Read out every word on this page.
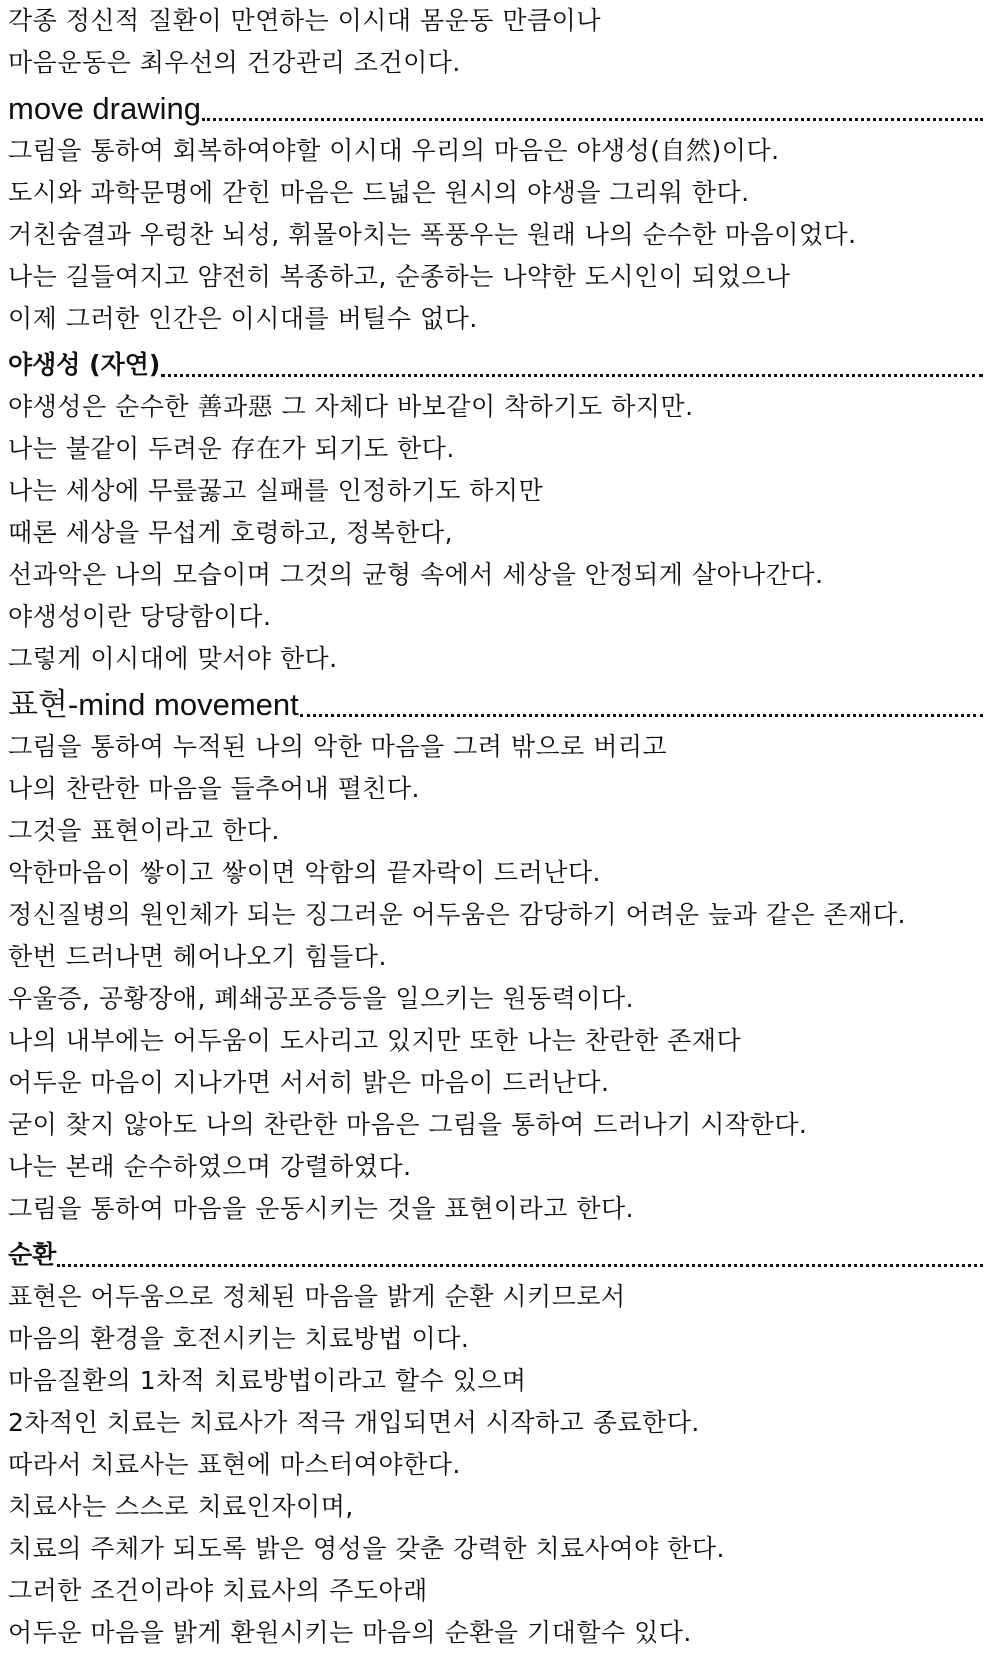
각종 정신적 질환이 만연하는 이시대 몸운동 만큼이나
마음운동은 최우선의 건강관리 조건이다.
move drawing
그림을 통하여 회복하여야할 이시대 우리의 마음은 야생성(自然)이다.
도시와 과학문명에 갇힌 마음은 드넓은 원시의 야생을 그리워 한다.
거친숨결과 우렁찬 뇌성, 휘몰아치는 폭풍우는 원래 나의 순수한 마음이었다.
나는 길들여지고 얌전히 복종하고, 순종하는 나약한 도시인이 되었으나
이제 그러한 인간은 이시대를 버틸수 없다.
야생성 (자연)
야생성은 순수한 善과惡 그 자체다 바보같이 착하기도 하지만.
나는 불같이 두려운 存在가 되기도 한다.
나는 세상에 무릎꿇고 실패를 인정하기도 하지만
때론 세상을 무섭게 호령하고, 정복한다,
선과악은 나의 모습이며 그것의 균형 속에서 세상을 안정되게 살아나간다.
야생성이란 당당함이다.
그렇게 이시대에 맞서야 한다.
표현-mind movement
그림을 통하여 누적된 나의 악한 마음을 그려 밖으로 버리고
나의 찬란한 마음을 들추어내 펼친다.
그것을 표현이라고 한다.
악한마음이 쌓이고 쌓이면 악함의 끝자락이 드러난다.
정신질병의 원인체가 되는 징그러운 어두움은 감당하기 어려운 늪과 같은 존재다.
한번 드러나면 헤어나오기 힘들다.
우울증, 공황장애, 폐쇄공포증등을 일으키는 원동력이다.
나의 내부에는 어두움이 도사리고 있지만 또한 나는 찬란한 존재다
어두운 마음이 지나가면 서서히 밝은 마음이 드러난다.
굳이 찾지 않아도 나의 찬란한 마음은 그림을 통하여 드러나기 시작한다.
나는 본래 순수하였으며 강렬하였다.
그림을 통하여 마음을 운동시키는 것을 표현이라고 한다.
순환
표현은 어두움으로 정체된 마음을 밝게 순환 시키므로서
마음의 환경을 호전시키는 치료방법 이다.
마음질환의 1차적 치료방법이라고 할수 있으며
2차적인 치료는 치료사가 적극 개입되면서 시작하고 종료한다.
따라서 치료사는 표현에 마스터여야한다.
치료사는 스스로 치료인자이며,
치료의 주체가 되도록 밝은 영성을 갖춘 강력한 치료사여야 한다.
그러한 조건이라야 치료사의 주도아래
어두운 마음을 밝게 환원시키는 마음의 순환을 기대할수 있다.
